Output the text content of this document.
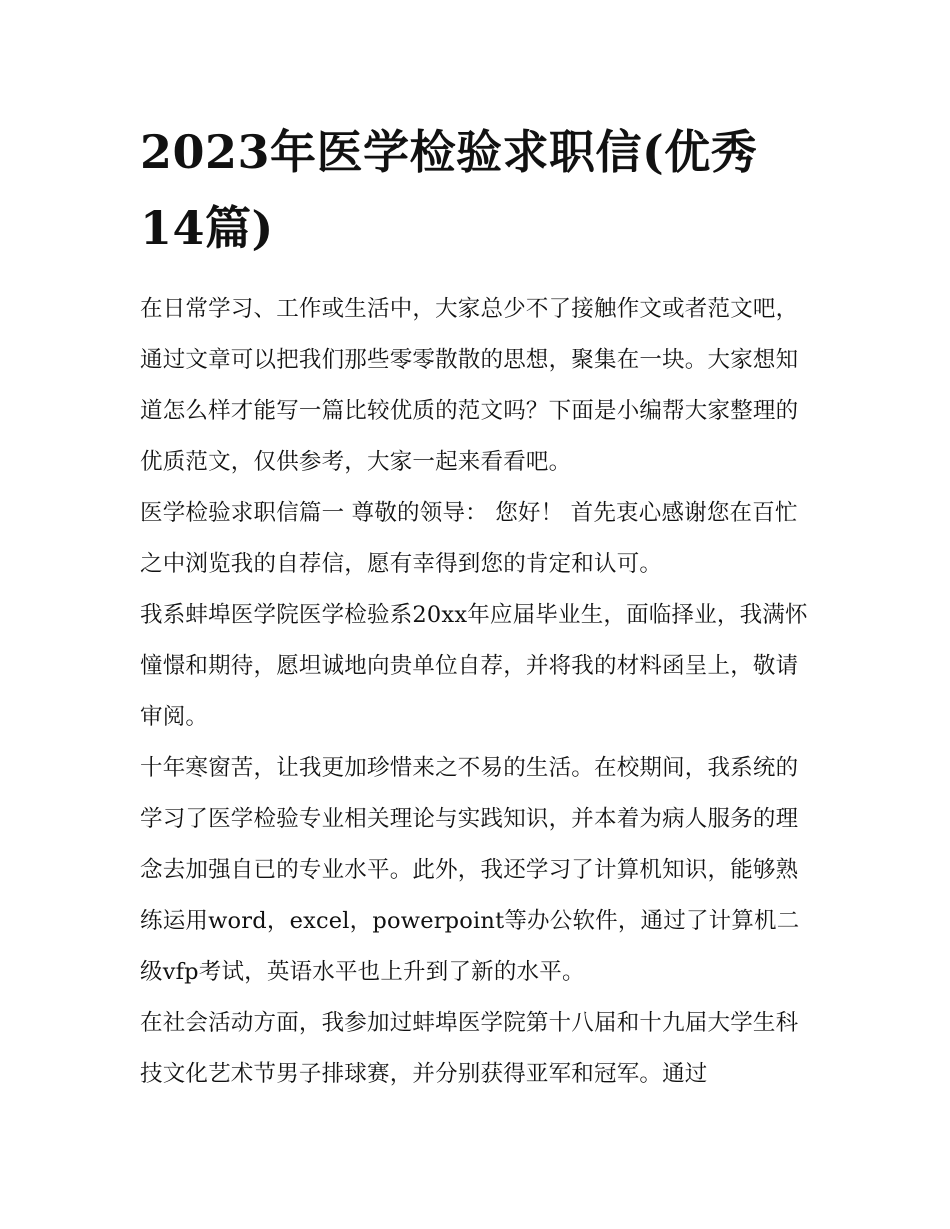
2023年医学检验求职信(优秀14篇)

在日常学习、工作或生活中，大家总少不了接触作文或者范文吧，通过文章可以把我们那些零零散散的思想，聚集在一块。大家想知道怎么样才能写一篇比较优质的范文吗？下面是小编帮大家整理的优质范文，仅供参考，大家一起来看看吧。

医学检验求职信篇一 尊敬的领导： 您好！ 首先衷心感谢您在百忙之中浏览我的自荐信，愿有幸得到您的肯定和认可。

我系蚌埠医学院医学检验系20xx年应届毕业生，面临择业，我满怀憧憬和期待，愿坦诚地向贵单位自荐，并将我的材料函呈上，敬请审阅。

十年寒窗苦，让我更加珍惜来之不易的生活。在校期间，我系统的学习了医学检验专业相关理论与实践知识，并本着为病人服务的理念去加强自已的专业水平。此外，我还学习了计算机知识，能够熟练运用word，excel，powerpoint等办公软件，通过了计算机二级vfp考试，英语水平也上升到了新的水平。

在社会活动方面，我参加过蚌埠医学院第十八届和十九届大学生科技文化艺术节男子排球赛，并分别获得亚军和冠军。通过
